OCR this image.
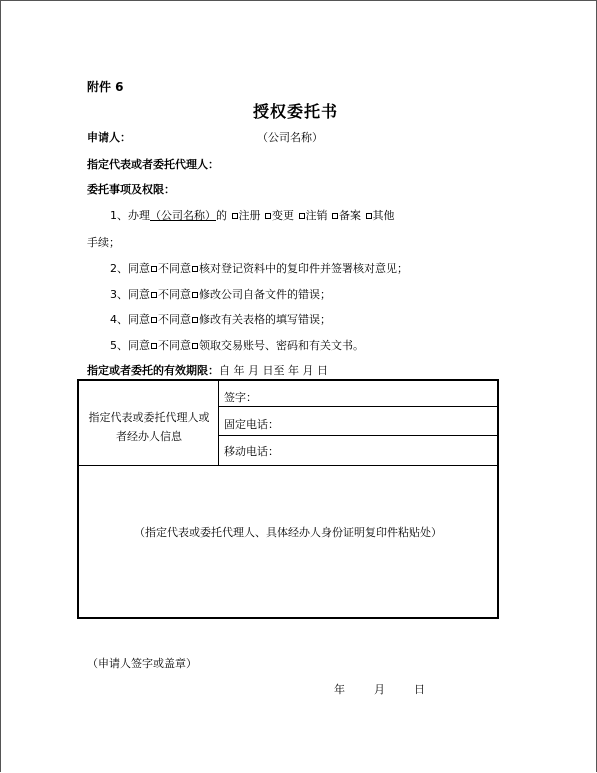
附件 6
授权委托书
申请人：	（公司名称）
指定代表或者委托代理人：
委托事项及权限：
1、办理（公司名称）的 注册 变更 注销 备案 其他
手续；
2、同意 不同意 核对登记资料中的复印件并签署核对意见；
3、同意 不同意 修改公司自备文件的错误；
4、同意 不同意 修改有关表格的填写错误；
5、同意 不同意 领取交易账号、密码和有关文书。
指定或者委托的有效期限：自 年 月 日至 年 月 日
指定代表或委托代理人或
者经办人信息
签字：
固定电话：
移动电话：
（指定代表或委托代理人、具体经办人身份证明复印件粘贴处）
（申请人签字或盖章）
年	月	日
